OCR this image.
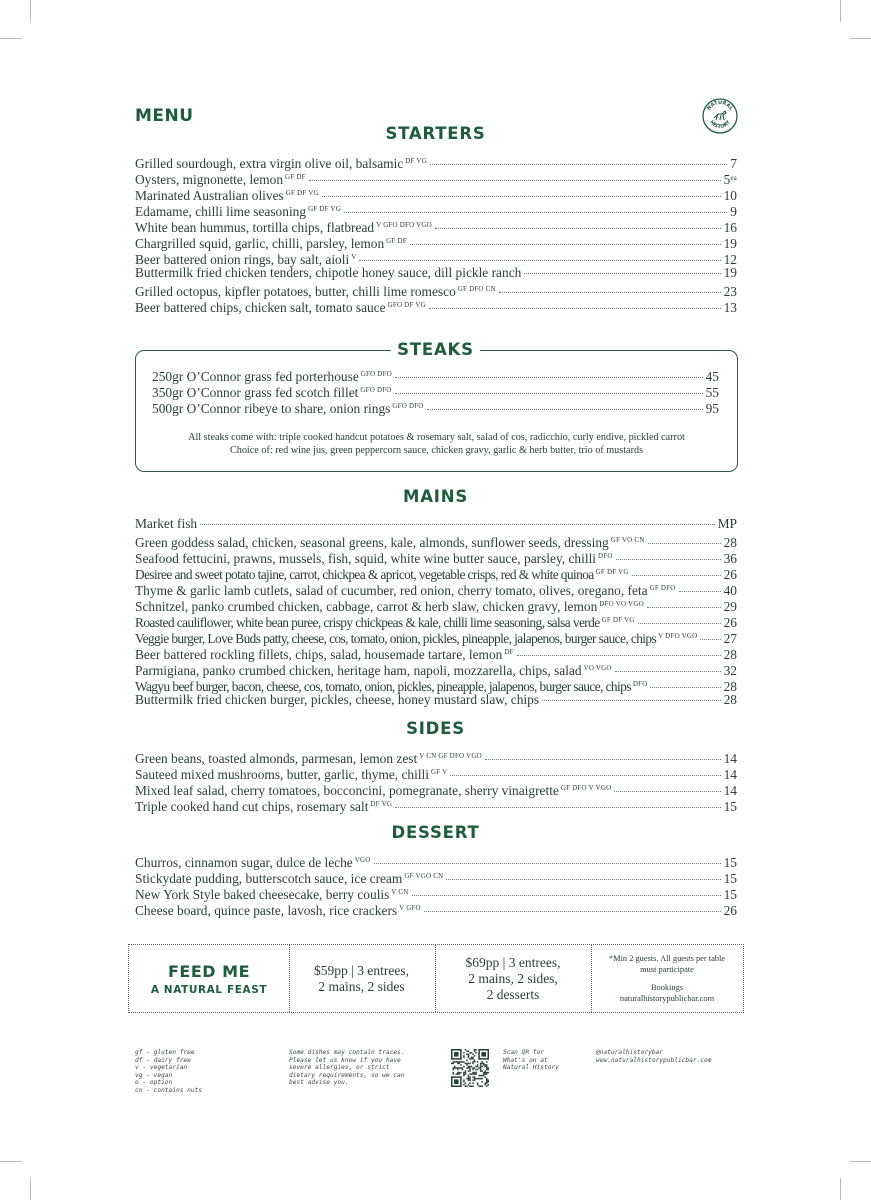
MENU	NATURAL
HISTORY
STARTERS
Grilled sourdough, extra virgin olive oil, balsamic $^{DF VG}$	7
Oysters, mignonette, lemon $^{GF DF}$	$5^{ea}$
Marinated Australian olives $^{GF DF VG}$	10
Edamame, chilli lime seasoning $^{GF DF VG}$	9
White bean hummus, tortilla chips, flatbread $^{V GFO DFO VGO}$	16
Chargrilled squid, garlic, chilli, parsley, lemon $^{GF DF}$	19
Beer battered onion rings, bay salt, aioli $^V$	12
Buttermilk fried chicken tenders, chipotle honey sauce, dill pickle ranch	19
Grilled octopus, kipfler potatoes, butter, chilli lime romesco $^{GF DFO CN}$	23
Beer battered chips, chicken salt, tomato sauce $^{GFO DF VG}$	13
STEAKS
250gr O’Connor grass fed porterhouse $^{GFO DFO}$	45
350gr O’Connor grass fed scotch fillet $^{GFO DFO}$	55
500gr O’Connor ribeye to share, onion rings $^{GFO DFO}$	95
All steaks come with: triple cooked handcut potatoes & rosemary salt, salad of cos, radicchio, curly endive, pickled carrot
Choice of: red wine jus, green peppercorn sauce, chicken gravy, garlic & herb butter, trio of mustards
MAINS
Market fish	MP
Green goddess salad, chicken, seasonal greens, kale, almonds, sunflower seeds, dressing $^{GF VO CN}$	28
Seafood fettucini, prawns, mussels, fish, squid, white wine butter sauce, parsley, chilli $^{DFO}$	36
Desiree and sweet potato tajine, carrot, chickpea & apricot, vegetable crisps, red & white quinoa $^{GF DF VG}$	26
Thyme & garlic lamb cutlets, salad of cucumber, red onion, cherry tomato, olives, oregano, feta $^{GF DFO}$	40
Schnitzel, panko crumbed chicken, cabbage, carrot & herb slaw, chicken gravy, lemon $^{DFO VO VGO}$	29
Roasted cauliflower, white bean puree, crispy chickpeas & kale, chilli lime seasoning, salsa verde $^{GF DF VG}$	26
Veggie burger, Love Buds patty, cheese, cos, tomato, onion, pickles, pineapple, jalapenos, burger sauce, chips $^{V DFO VGO}$ 27
Beer battered rockling fillets, chips, salad, housemade tartare, lemon $^{DF}$	28
Parmigiana, panko crumbed chicken, heritage ham, napoli, mozzarella, chips, salad $^{VO VGO}$	32
Wagyu beef burger, bacon, cheese, cos, tomato, onion, pickles, pineapple, jalapenos, burger sauce, chips $^{DFO}$	28
Buttermilk fried chicken burger, pickles, cheese, honey mustard slaw, chips	28
SIDES
Green beans, toasted almonds, parmesan, lemon zest $^{V CN GF DFO VGO}$	14
Sauteed mixed mushrooms, butter, garlic, thyme, chilli $^{GF V}$	14
Mixed leaf salad, cherry tomatoes, bocconcini, pomegranate, sherry vinaigrette $^{GF DFO V VGO}$	14
Triple cooked hand cut chips, rosemary salt $^{DF VG}$	15
DESSERT
Churros, cinnamon sugar, dulce de leche $^{VGO}$	15
Stickydate pudding, butterscotch sauce, ice cream $^{GF VGO CN}$	15
New York Style baked cheesecake, berry coulis $^{V CN}$	15
Cheese board, quince paste, lavosh, rice crackers $^{V GFO}$	26
FEED ME
A NATURAL FEAST
$59pp | 3 entrees,
2 mains, 2 sides
$69pp | 3 entrees,
2 mains, 2 sides,
2 desserts
*Min 2 guests. All guests per table
must participate
Bookings
naturalhistorypublicbar.com
gf - gluten free
df - dairy free
v - vegetarian
vg - vegan
o - option
cn - contains nuts
Some dishes may contain traces.
Please let us know if you have
severe allergies, or strict
dietary requirements, so we can
best advise you.
Scan QR for
What's on at
Natural History
@naturalhistorybar
www.naturalhistorypublicbar.com
